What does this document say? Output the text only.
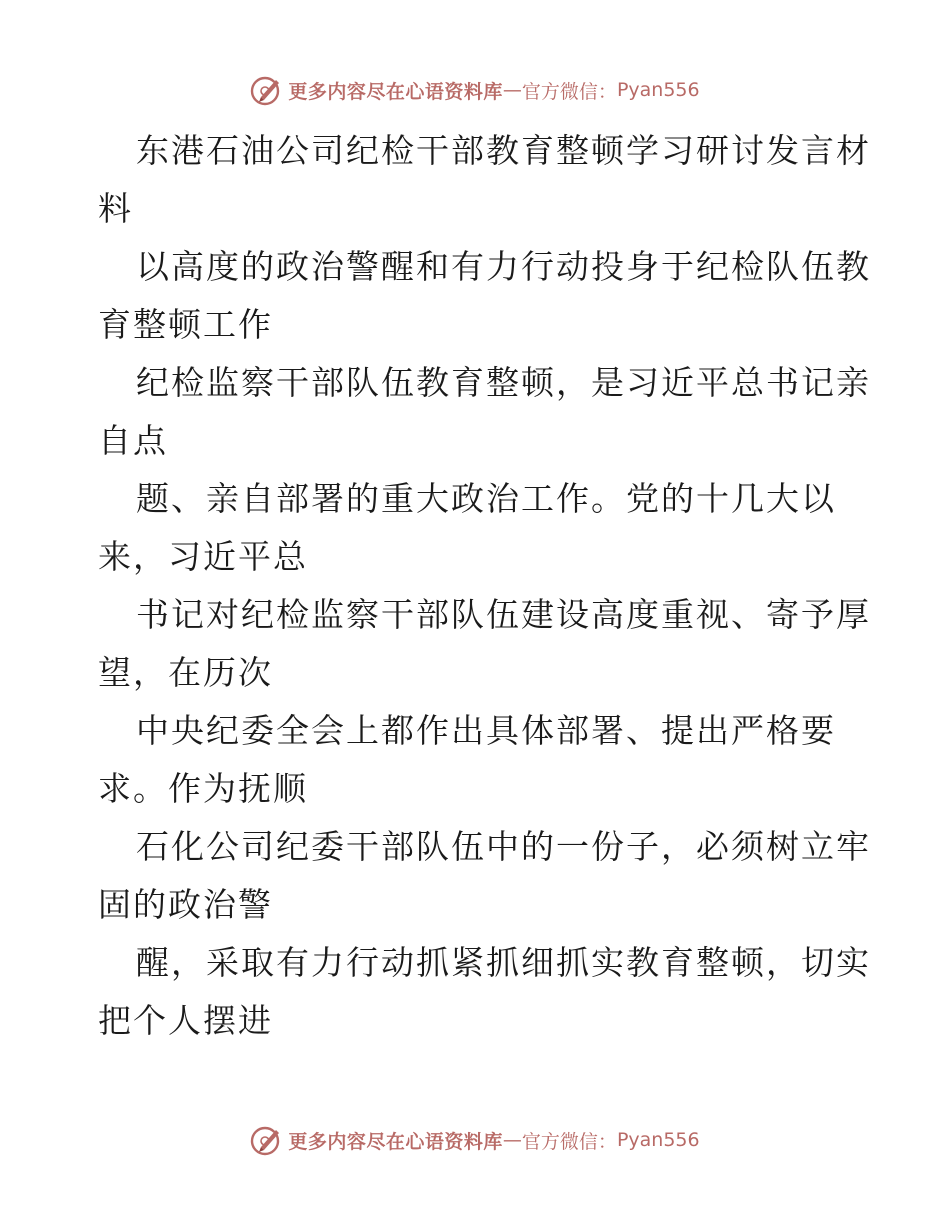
更多内容尽在心语资料库 — 官方微信： Pyan556
东港石油公司纪检干部教育整顿学习研讨发言材
料
以高度的政治警醒和有力行动投身于纪检队伍教
育整顿工作
纪检监察干部队伍教育整顿，是习近平总书记亲
自点
题、亲自部署的重大政治工作。党的十几大以
来，习近平总
书记对纪检监察干部队伍建设高度重视、寄予厚
望，在历次
中央纪委全会上都作出具体部署、提出严格要
求。作为抚顺
石化公司纪委干部队伍中的一份子，必须树立牢
固的政治警
醒，采取有力行动抓紧抓细抓实教育整顿，切实
把个人摆进
更多内容尽在心语资料库 — 官方微信： Pyan556
